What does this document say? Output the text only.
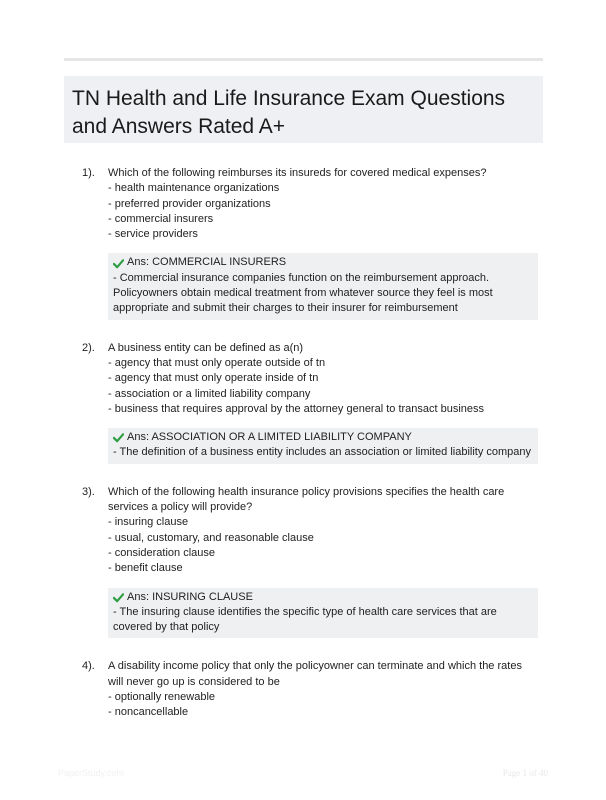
TN Health and Life Insurance Exam Questions and Answers Rated A+
1). Which of the following reimburses its insureds for covered medical expenses?
- health maintenance organizations
- preferred provider organizations
- commercial insurers
- service providers
Ans: COMMERCIAL INSURERS
- Commercial insurance companies function on the reimbursement approach. Policyowners obtain medical treatment from whatever source they feel is most appropriate and submit their charges to their insurer for reimbursement
2). A business entity can be defined as a(n)
- agency that must only operate outside of tn
- agency that must only operate inside of tn
- association or a limited liability company
- business that requires approval by the attorney general to transact business
Ans: ASSOCIATION OR A LIMITED LIABILITY COMPANY
- The definition of a business entity includes an association or limited liability company
3). Which of the following health insurance policy provisions specifies the health care services a policy will provide?
- insuring clause
- usual, customary, and reasonable clause
- consideration clause
- benefit clause
Ans: INSURING CLAUSE
- The insuring clause identifies the specific type of health care services that are covered by that policy
4). A disability income policy that only the policyowner can terminate and which the rates will never go up is considered to be
- optionally renewable
- noncancellable
PaperStudy.com	Page 1 of 40
